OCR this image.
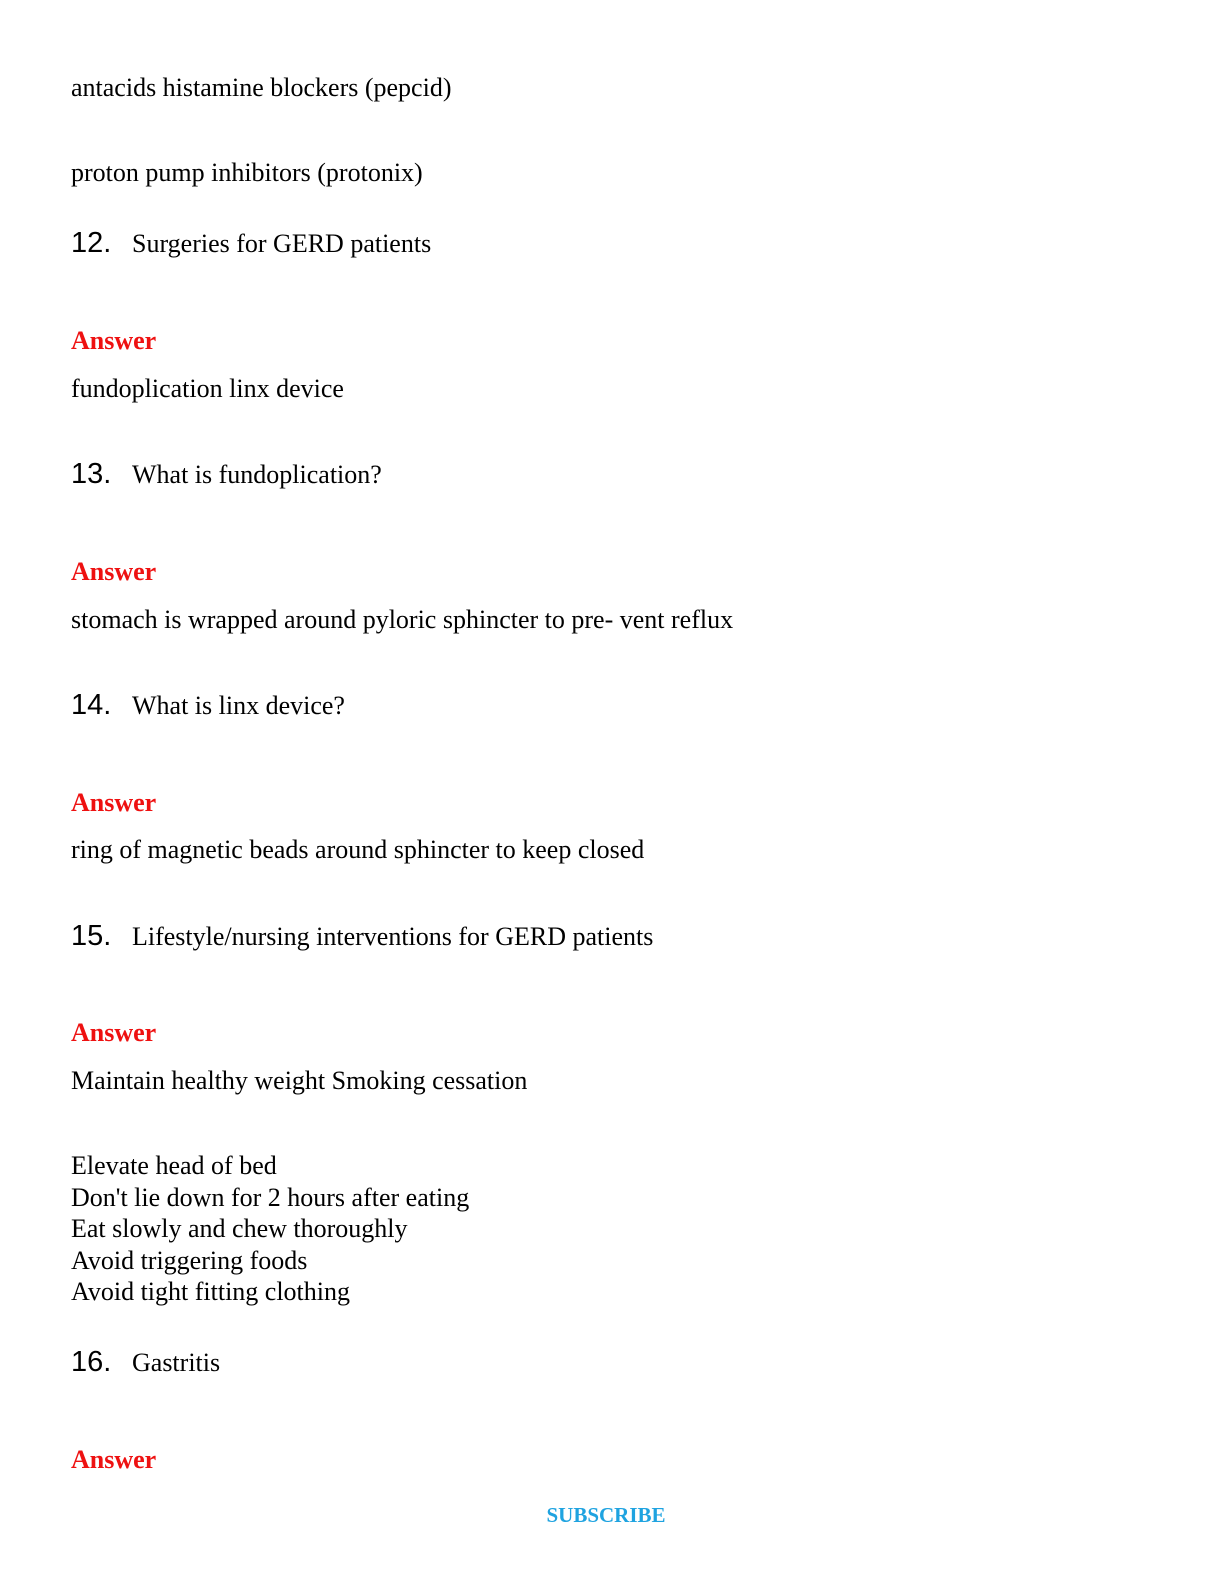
antacids histamine blockers (pepcid)
proton pump inhibitors (protonix)
12. Surgeries for GERD patients
Answer
fundoplication linx device
13. What is fundoplication?
Answer
stomach is wrapped around pyloric sphincter to pre- vent reflux
14. What is linx device?
Answer
ring of magnetic beads around sphincter to keep closed
15. Lifestyle/nursing interventions for GERD patients
Answer
Maintain healthy weight Smoking cessation
Elevate head of bed
Don't lie down for 2 hours after eating
Eat slowly and chew thoroughly
Avoid triggering foods
Avoid tight fitting clothing
16. Gastritis
Answer
SUBSCRIBE
